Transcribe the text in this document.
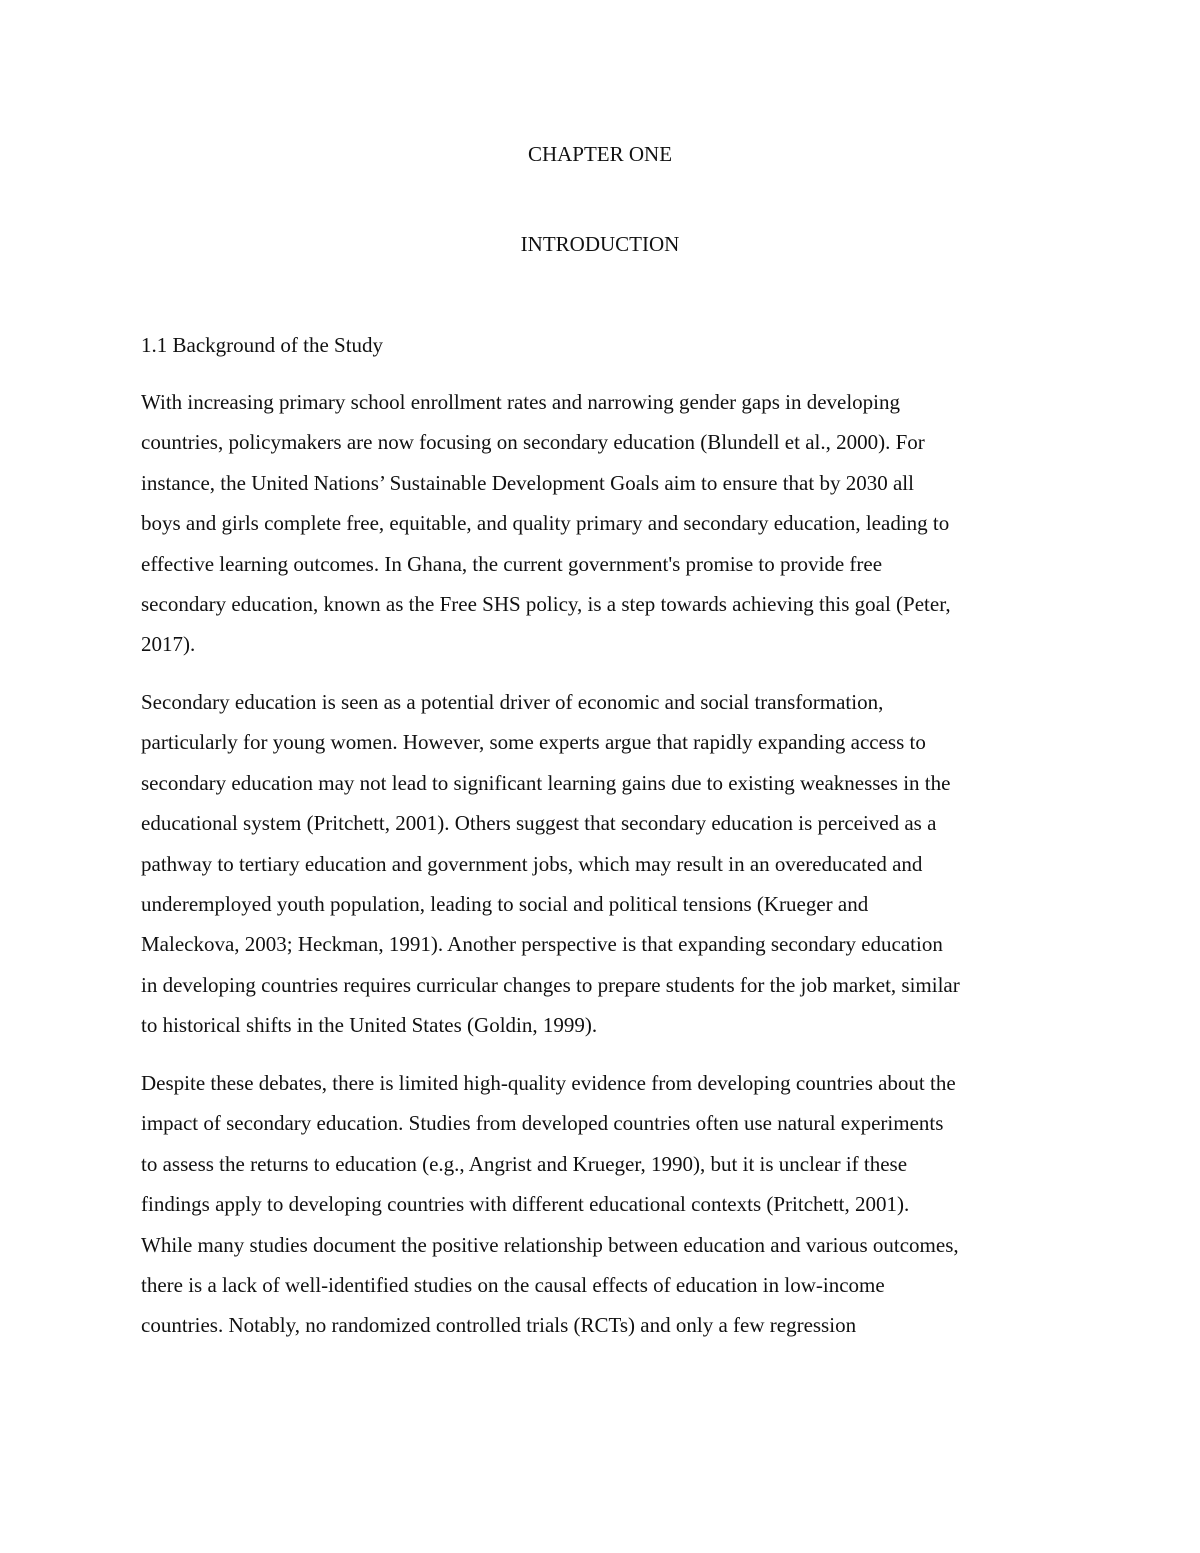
CHAPTER ONE
INTRODUCTION
1.1 Background of the Study
With increasing primary school enrollment rates and narrowing gender gaps in developing
countries, policymakers are now focusing on secondary education (Blundell et al., 2000). For
instance, the United Nations’ Sustainable Development Goals aim to ensure that by 2030 all
boys and girls complete free, equitable, and quality primary and secondary education, leading to
effective learning outcomes. In Ghana, the current government's promise to provide free
secondary education, known as the Free SHS policy, is a step towards achieving this goal (Peter,
2017).
Secondary education is seen as a potential driver of economic and social transformation,
particularly for young women. However, some experts argue that rapidly expanding access to
secondary education may not lead to significant learning gains due to existing weaknesses in the
educational system (Pritchett, 2001). Others suggest that secondary education is perceived as a
pathway to tertiary education and government jobs, which may result in an overeducated and
underemployed youth population, leading to social and political tensions (Krueger and
Maleckova, 2003; Heckman, 1991). Another perspective is that expanding secondary education
in developing countries requires curricular changes to prepare students for the job market, similar
to historical shifts in the United States (Goldin, 1999).
Despite these debates, there is limited high-quality evidence from developing countries about the
impact of secondary education. Studies from developed countries often use natural experiments
to assess the returns to education (e.g., Angrist and Krueger, 1990), but it is unclear if these
findings apply to developing countries with different educational contexts (Pritchett, 2001).
While many studies document the positive relationship between education and various outcomes,
there is a lack of well-identified studies on the causal effects of education in low-income
countries. Notably, no randomized controlled trials (RCTs) and only a few regression
